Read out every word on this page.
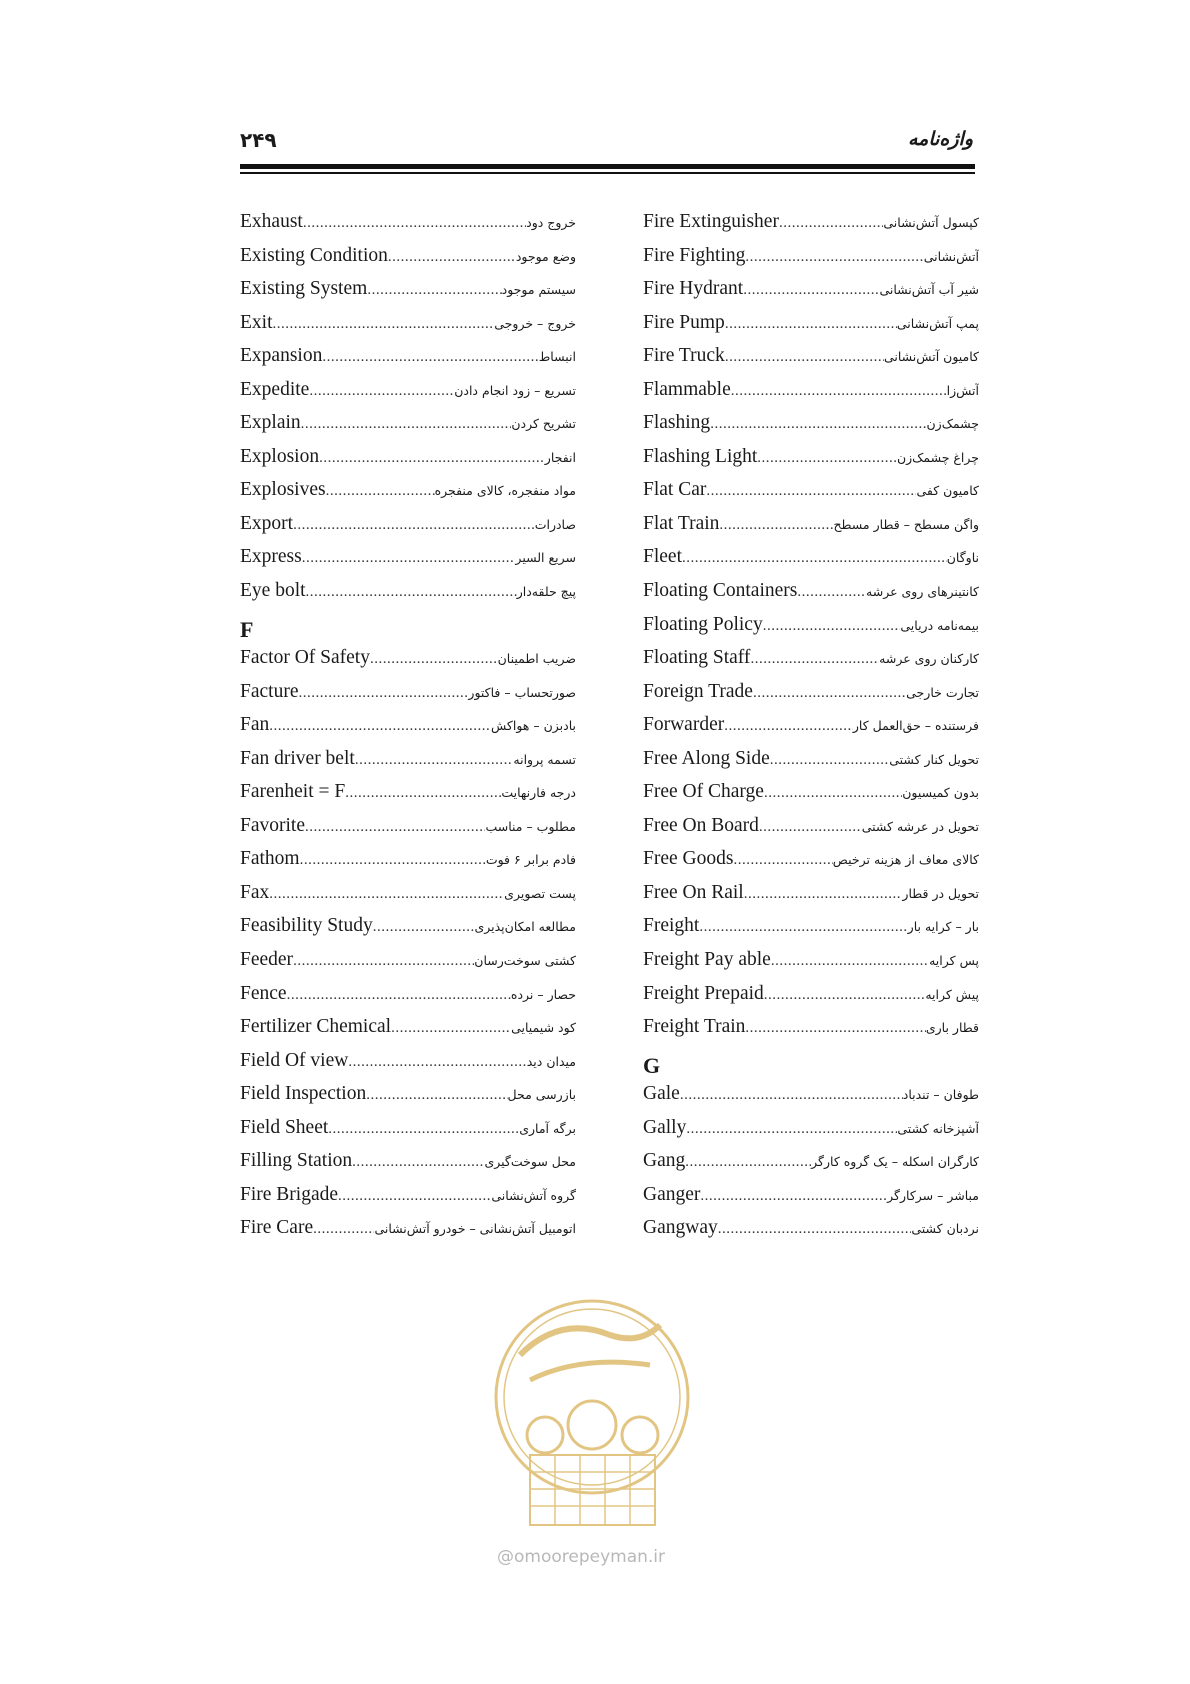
۲۴۹	واژه‌نامه
Exhaust .....	خروج دود
Existing Condition .....	وضع موجود
Existing System .....	سیستم موجود
Exit .....	خروج – خروجی
Expansion .....	انبساط
Expedite .....	تسریع – زود انجام دادن
Explain .....	تشریح کردن
Explosion .....	انفجار
Explosives .....	مواد منفجره، کالای منفجره
Export .....	صادرات
Express .....	سریع السیر
Eye bolt .....	پیچ حلقه‌دار
F
Factor Of Safety .....	ضریب اطمینان
Facture .....	صورتحساب – فاکتور
Fan .....	بادبزن – هواکش
Fan driver belt .....	تسمه پروانه
Farenheit = F .....	درجه فارنهایت
Favorite .....	مطلوب – مناسب
Fathom .....	فادم برابر ۶ فوت
Fax .....	پست تصویری
Feasibility Study .....	مطالعه امکان‌پذیری
Feeder .....	کشتی سوخت‌رسان
Fence .....	حصار – نرده
Fertilizer Chemical .....	کود شیمیایی
Field Of view .....	میدان دید
Field Inspection .....	بازرسی محل
Field Sheet .....	برگه آماری
Filling Station .....	محل سوخت‌گیری
Fire Brigade .....	گروه آتش‌نشانی
Fire Care .....	اتومبیل آتش‌نشانی – خودرو آتش‌نشانی
Fire Extinguisher .....	کپسول آتش‌نشانی
Fire Fighting .....	آتش‌نشانی
Fire Hydrant .....	شیر آب آتش‌نشانی
Fire Pump .....	پمپ آتش‌نشانی
Fire Truck .....	کامیون آتش‌نشانی
Flammable .....	آتش‌زا
Flashing .....	چشمک‌زن
Flashing Light .....	چراغ چشمک‌زن
Flat Car .....	کامیون کفی
Flat Train .....	واگن مسطح – قطار مسطح
Fleet .....	ناوگان
Floating Containers .....	کانتینرهای روی عرشه
Floating Policy .....	بیمه‌نامه دریایی
Floating Staff .....	کارکنان روی عرشه
Foreign Trade .....	تجارت خارجی
Forwarder .....	فرستنده – حق‌العمل کار
Free Along Side .....	تحویل کنار کشتی
Free Of Charge .....	بدون کمیسیون
Free On Board .....	تحویل در عرشه کشتی
Free Goods .....	کالای معاف از هزینه ترخیص
Free On Rail .....	تحویل در قطار
Freight .....	بار – کرایه بار
Freight Pay able .....	پس کرایه
Freight Prepaid .....	پیش کرایه
Freight Train .....	قطار باری
G
Gale .....	طوفان – تندباد
Gally .....	آشپزخانه کشتی
Gang .....	کارگران اسکله – یک گروه کارگر
Ganger .....	مباشر – سرکارگر
Gangway .....	نردبان کشتی
@omoorepeyman.ir
